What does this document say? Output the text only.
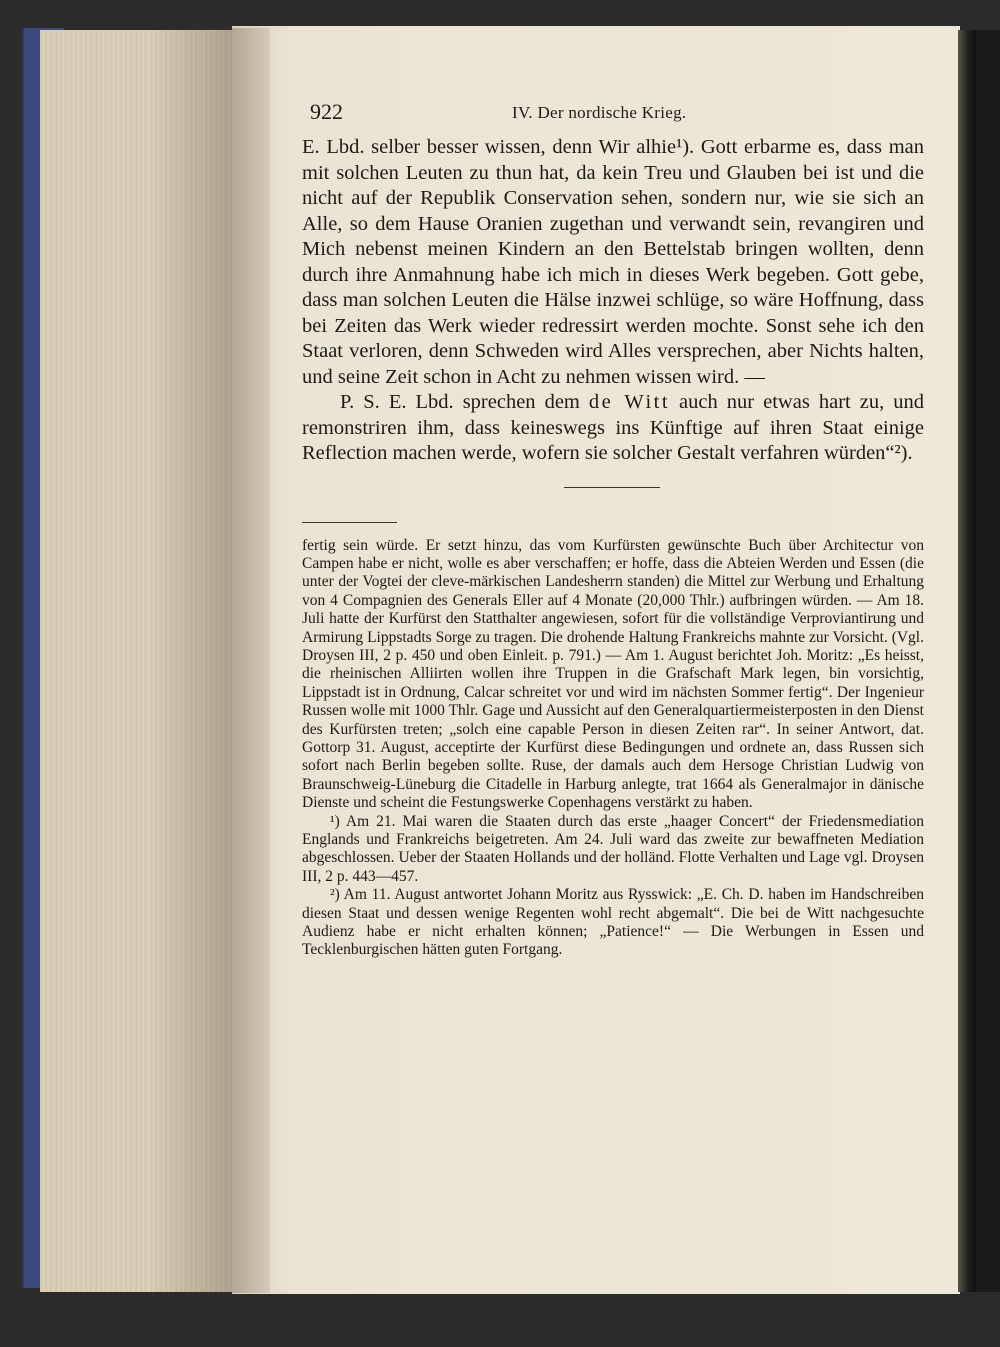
922	IV. Der nordische Krieg.

E. Lbd. selber besser wissen, denn Wir alhie¹). Gott erbarme es, dass man mit solchen Leuten zu thun hat, da kein Treu und Glauben bei ist und die nicht auf der Republik Conservation sehen, sondern nur, wie sie sich an Alle, so dem Hause Oranien zugethan und verwandt sein, revangiren und Mich nebenst meinen Kindern an den Bettelstab bringen wollten, denn durch ihre Anmahnung habe ich mich in dieses Werk begeben. Gott gebe, dass man solchen Leuten die Hälse inzwei schlüge, so wäre Hoffnung, dass bei Zeiten das Werk wieder redressirt werden mochte. Sonst sehe ich den Staat verloren, denn Schweden wird Alles versprechen, aber Nichts halten, und seine Zeit schon in Acht zu nehmen wissen wird. —

P. S. E. Lbd. sprechen dem de Witt auch nur etwas hart zu, und remonstriren ihm, dass keineswegs ins Künftige auf ihren Staat einige Reflection machen werde, wofern sie solcher Gestalt verfahren würden“²).

fertig sein würde. Er setzt hinzu, das vom Kurfürsten gewünschte Buch über Architectur von Campen habe er nicht, wolle es aber verschaffen; er hoffe, dass die Abteien Werden und Essen (die unter der Vogtei der cleve-märkischen Landesherrn standen) die Mittel zur Werbung und Erhaltung von 4 Compagnien des Generals Eller auf 4 Monate (20,000 Thlr.) aufbringen würden. — Am 18. Juli hatte der Kurfürst den Statthalter angewiesen, sofort für die vollständige Verproviantirung und Armirung Lippstadts Sorge zu tragen. Die drohende Haltung Frankreichs mahnte zur Vorsicht. (Vgl. Droysen III, 2 p. 450 und oben Einleit. p. 791.) — Am 1. August berichtet Joh. Moritz: „Es heisst, die rheinischen Alliirten wollen ihre Truppen in die Grafschaft Mark legen, bin vorsichtig, Lippstadt ist in Ordnung, Calcar schreitet vor und wird im nächsten Sommer fertig“. Der Ingenieur Russen wolle mit 1000 Thlr. Gage und Aussicht auf den Generalquartiermeisterposten in den Dienst des Kurfürsten treten; „solch eine capable Person in diesen Zeiten rar“. In seiner Antwort, dat. Gottorp 31. August, acceptirte der Kurfürst diese Bedingungen und ordnete an, dass Russen sich sofort nach Berlin begeben sollte. Ruse, der damals auch dem Hersoge Christian Ludwig von Braunschweig-Lüneburg die Citadelle in Harburg anlegte, trat 1664 als Generalmajor in dänische Dienste und scheint die Festungswerke Copenhagens verstärkt zu haben.

¹) Am 21. Mai waren die Staaten durch das erste „haager Concert“ der Friedensmediation Englands und Frankreichs beigetreten. Am 24. Juli ward das zweite zur bewaffneten Mediation abgeschlossen. Ueber der Staaten Hollands und der holländ. Flotte Verhalten und Lage vgl. Droysen III, 2 p. 443—457.

²) Am 11. August antwortet Johann Moritz aus Rysswick: „E. Ch. D. haben im Handschreiben diesen Staat und dessen wenige Regenten wohl recht abgemalt“. Die bei de Witt nachgesuchte Audienz habe er nicht erhalten können; „Patience!“ — Die Werbungen in Essen und Tecklenburgischen hätten guten Fortgang.
